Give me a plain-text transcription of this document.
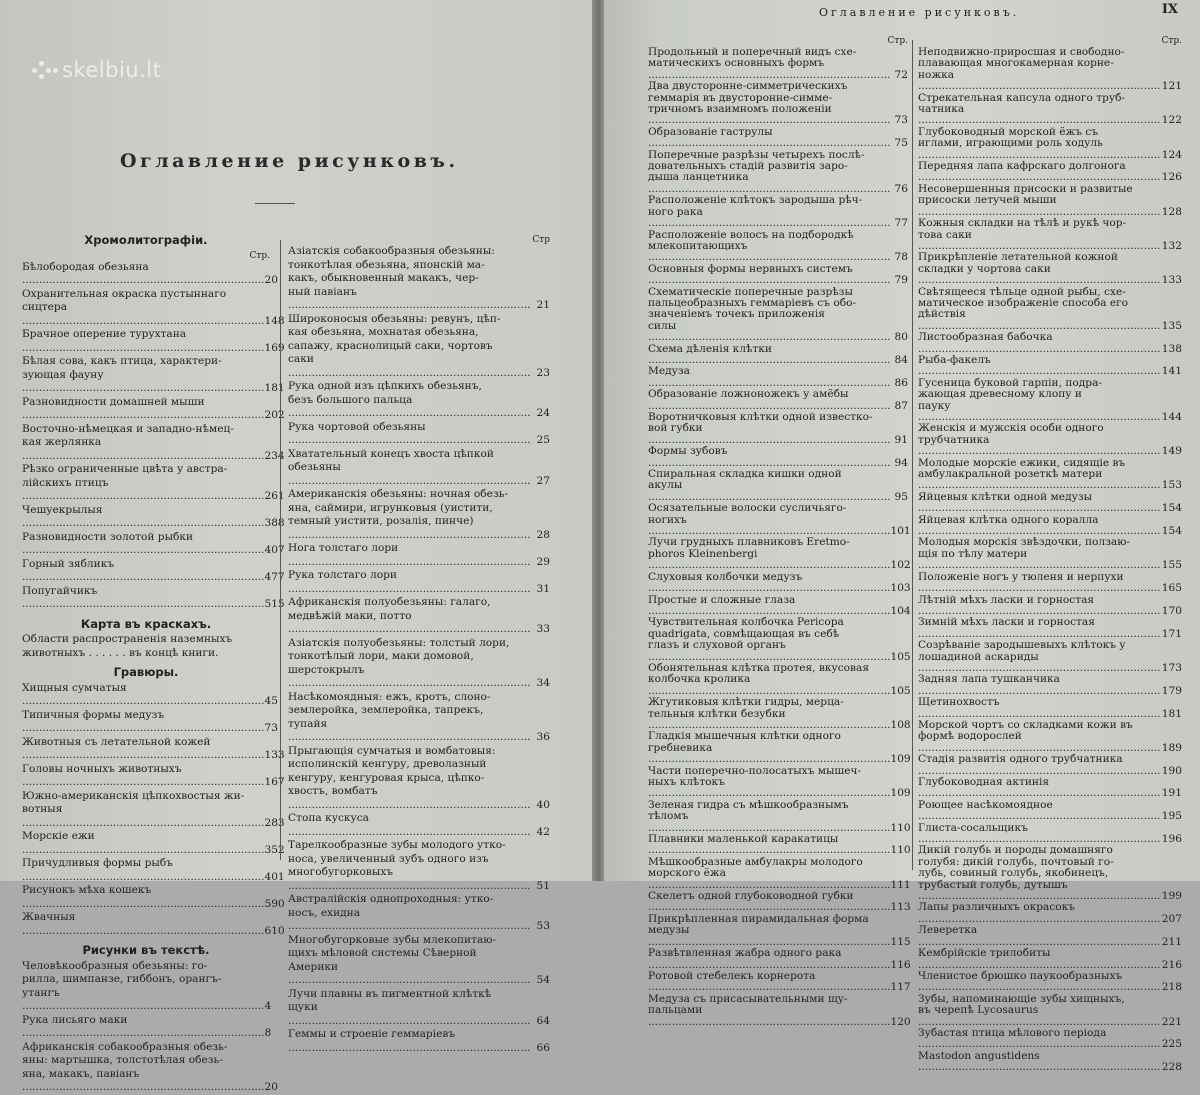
skelbiu.lt
Оглавление рисунковъ.
Хромолитографіи.
Стр.
Бѣлобородая обезьяна .....
20
Охранительная окраска пустыннаго
сицтера .....
148
Брачное оперение турухтана .....
169
Бѣлая сова, какъ птица, характери-
зующая фауну .....
181
Разновидности домашней мыши .....
202
Восточно-нѣмецкая и западно-нѣмец-
кая жерлянка .....
234
Рѣзко ограниченные цвѣта у австра-
лійскихъ птицъ .....
261
Чешуекрылыя .....
388
Разновидности золотой рыбки .....
407
Горный зябликъ .....
477
Попугайчикъ .....
515
Карта въ краскахъ.
Области распространенія наземныхъ
животныхъ . . . . . . въ концѣ книги.
Гравюры.
Хищныя сумчатыя .....
45
Типичныя формы медузъ .....
73
Животныя съ летательной кожей .....
133
Головы ночныхъ животныхъ .....
167
Южно-американскія цѣпкохвостыя жи-
вотныя .....
283
Морскіе ежи .....
352
Причудливыя формы рыбъ .....
401
Рисунокъ мѣха кошекъ .....
590
Жвачныя .....
610
Рисунки въ текстѣ.
Человѣкообразныя обезьяны: го-
рилла, шимпанзе, гиббонъ, орангъ-
утангъ .....
4
Рука лисьяго маки .....
8
Африканскія собакообразныя обезь-
яны: мартышка, толстотѣлая обезь-
яна, макакъ, павіанъ .....
20
Стр
Азіатскія собакообразныя обезьяны:
тонкотѣлая обезьяна, японскій ма-
какъ, обыкновенный макакъ, чер-
ный павіанъ .....
21
Широконосыя обезьяны: ревунъ, цѣп-
кая обезьяна, мохнатая обезьяна,
сапажу, краснолицый саки, чортовъ
саки .....
23
Рука одной изъ цѣпкихъ обезьянъ,
безъ большого пальца .....
24
Рука чортовой обезьяны .....
25
Хватательный конецъ хвоста цѣпкой
обезьяны .....
27
Американскія обезьяны: ночная обезь-
яна, саймири, игрунковыя (уистити,
темный уистити, розалія, пинче) .....
28
Нога толстаго лори .....
29
Рука толстаго лори .....
31
Африканскія полуобезьяны: галаго,
медвѣжій маки, потто .....
33
Азіатскія полуобезьяны: толстый лори,
тонкотѣлый лори, маки домовой,
шерстокрылъ .....
34
Насѣкомоядныя: ежъ, кротъ, слоно-
землеройка, землеройка, тапрекъ,
тупайя .....
36
Прыгающія сумчатыя и вомбатовыя:
исполинскій кенгуру, древолазный
кенгуру, кенгуровая крыса, цѣпко-
хвостъ, вомбатъ .....
40
Стопа кускуса .....
42
Тарелкообразные зубы молодого утко-
носа, увеличенный зубъ одного изъ
многобугорковыхъ .....
51
Австралійскія однопроходныя: утко-
носъ, ехидна .....
53
Многобугорковые зубы млекопитаю-
щихъ мѣловой системы Сѣверной
Америки .....
54
Лучи плавны въ пигментной клѣткѣ
щуки .....
64
Геммы и строеніе геммаріевъ .....
66
Оглавление рисунковъ.	IX
Стр.
Продольный и поперечный видъ схе-
матическихъ основныхъ формъ .....
72
Два двусторонне-симметрическихъ
геммарія въ двусторонне-симме-
тричномъ взаимномъ положеніи .....
73
Образованіе гаструлы .....
75
Поперечные разрѣзы четырехъ послѣ-
довательныхъ стадій развитія заро-
дыша ланцетника .....
76
Расположеніе клѣтокъ зародыша рѣч-
ного рака .....
77
Расположеніе волосъ на подбородкѣ
млекопитающихъ .....
78
Основныя формы нервныхъ системъ .....
79
Схематическіе поперечные разрѣзы
пальцеобразныхъ геммаріевъ съ обо-
значеніемъ точекъ приложенія
силы .....
80
Схема дѣленія клѣтки .....
84
Медуза .....
86
Образованіе ложноножекъ у амёбы .....
87
Воротничковыя клѣтки одной известко-
вой губки .....
91
Формы зубовъ .....
94
Спиральная складка кишки одной
акулы .....
95
Осязательные волоски сусличьяго-
ногихъ .....
101
Лучи грудныхъ плавниковъ Eretmo-
phoros Kleinenbergi .....
102
Слуховыя колбочки медузъ .....
103
Простые и сложные глаза .....
104
Чувствительная колбочка Pericopa
quadrigata, совмѣщающая въ себѣ
глазъ и слуховой органъ .....
105
Обонятельная клѣтка протея, вкусовая
колбочка кролика .....
105
Жгутиковыя клѣтки гидры, мерца-
тельныя клѣтки безубки .....
108
Гладкія мышечныя клѣтки одного
гребневика .....
109
Части поперечно-полосатыхъ мышеч-
ныхъ клѣтокъ .....
109
Зеленая гидра съ мѣшкообразнымъ
тѣломъ .....
110
Плавники маленькой каракатицы .....
110
Мѣшкообразные амбулакры молодого
морского ёжа .....
111
Скелетъ одной глубоководной губки .....
113
Прикрѣпленная пирамидальная форма
медузы .....
115
Развѣтвленная жабра одного рака .....
116
Ротовой стебелекъ корнерота .....
117
Медуза съ присасывательными щу-
пальцами .....
120
Стр.
Неподвижно-приросшая и свободно-
плавающая многокамерная корне-
ножка .....
121
Стрекательная капсула одного труб-
чатника .....
122
Глубоководный морской ёжъ съ
иглами, играющими роль ходуль .....
124
Передняя лапа кафрскаго долгонога .....
126
Несовершенныя присоски и развитые
присоски летучей мыши .....
128
Кожныя складки на тѣлѣ и рукѣ чор-
това саки .....
132
Прикрѣпленіе летательной кожной
складки у чортова саки .....
133
Свѣтящееся тѣльце одной рыбы, схе-
матическое изображеніе способа его
дѣйствія .....
135
Листообразная бабочка .....
138
Рыба-факелъ .....
141
Гусеница буковой гарпіи, подра-
жающая древесному клопу и
пауку .....
144
Женскія и мужскія особи одного
трубчатника .....
149
Молодые морскіе ежики, сидящіе въ
амбулакральной розеткѣ матери .....
153
Яйцевыя клѣтки одной медузы .....
154
Яйцевая клѣтка одного коралла .....
154
Молодыя морскія звѣздочки, ползаю-
щія по тѣлу матери .....
155
Положеніе ногъ у тюленя и нерпухи .....
165
Лѣтній мѣхъ ласки и горностая .....
170
Зимній мѣхъ ласки и горностая .....
171
Созрѣваніе зародышевыхъ клѣтокъ у
лошадиной аскариды .....
173
Задняя лапа тушканчика .....
179
Щетинохвостъ .....
181
Морской чортъ со складками кожи въ
формѣ водорослей .....
189
Стадія развитія одного трубчатника .....
190
Глубоководная актинія .....
191
Роющее насѣкомоядное .....
195
Глиста-сосальщикъ .....
196
Дикій голубь и породы домашняго
голубя: дикій голубь, почтовый го-
лубь, совиный голубь, якобинецъ,
трубастый голубь, дутышъ .....
199
Лапы различныхъ окрасокъ .....
207
Леверетка .....
211
Кембрійскіе трилобиты .....
216
Членистое брюшко паукообразныхъ .....
218
Зубы, напоминающіе зубы хищныхъ,
въ черепѣ Lycosaurus .....
221
Зубастая птица мѣлового періода .....
225
Mastodon angustidens .....
228
